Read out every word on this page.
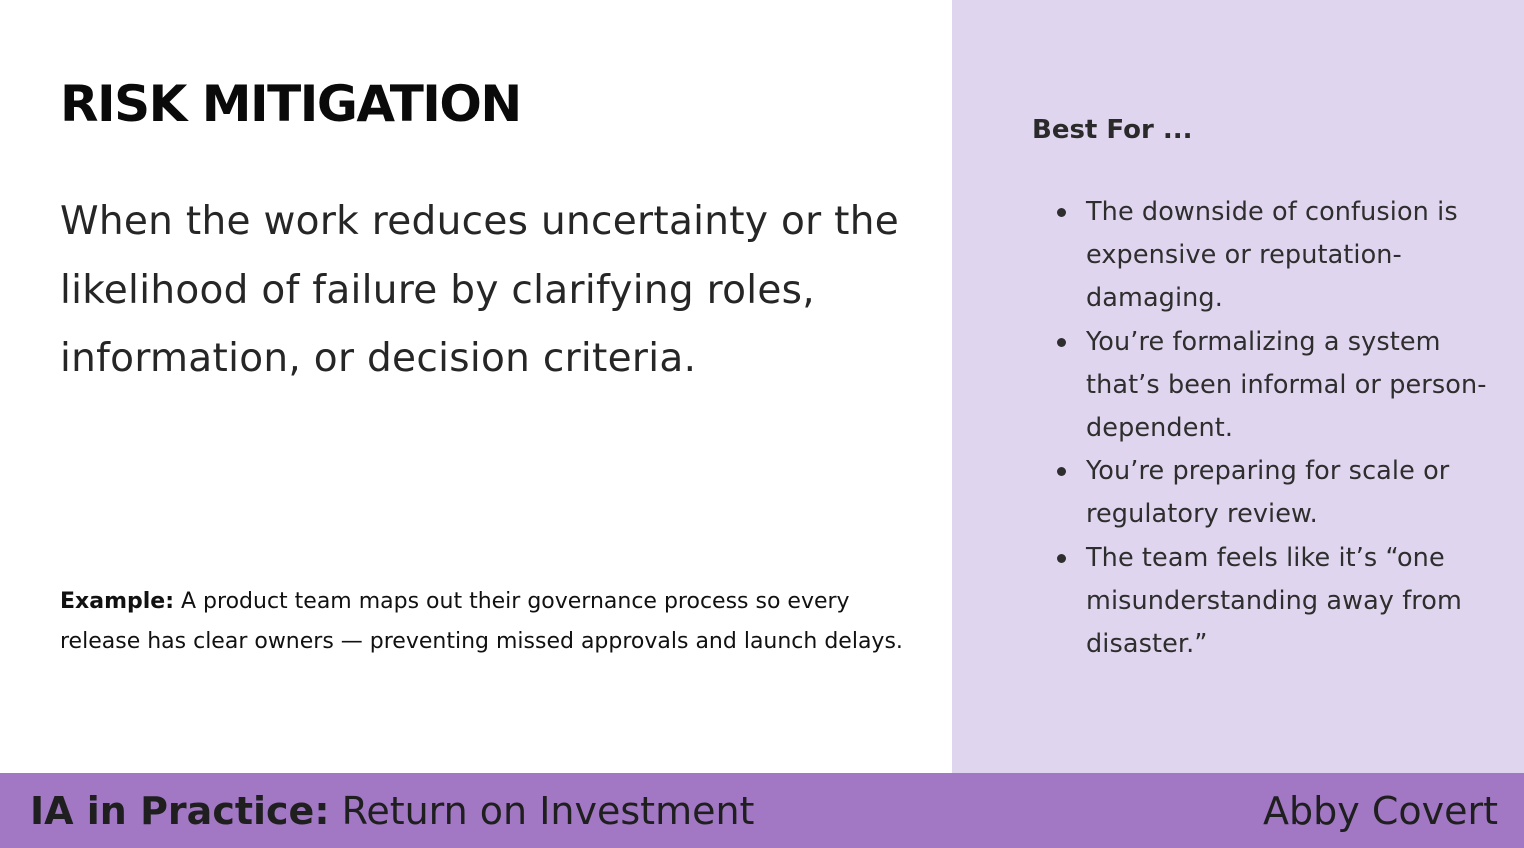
RISK MITIGATION

When the work reduces uncertainty or the likelihood of failure by clarifying roles, information, or decision criteria.

Example: A product team maps out their governance process so every release has clear owners — preventing missed approvals and launch delays.

Best For ...
The downside of confusion is expensive or reputation-damaging.
You’re formalizing a system that’s been informal or person-dependent.
You’re preparing for scale or regulatory review.
The team feels like it’s “one misunderstanding away from disaster.”
IA in Practice: Return on Investment	Abby Covert
